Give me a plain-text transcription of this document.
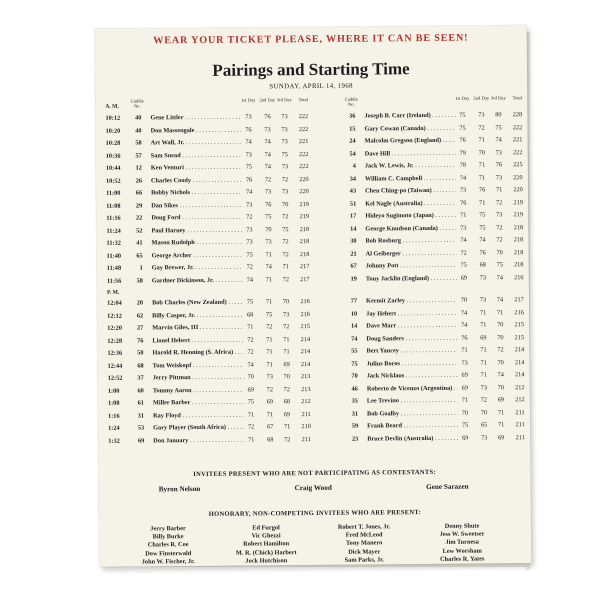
WEAR YOUR TICKET PLEASE, WHERE IT CAN BE SEEN!
Pairings and Starting Time
SUNDAY, APRIL 14, 1968
A. M.
Caddie No.
1st Day 2nd Day 3rd Day	Total
10:12	40 Gene Littler . . .	73	76	73	222
10:20	40 Don Massengale . . .	76	73	73	222
10:28	58 Art Wall, Jr. . . .	74	74	73	221
10:36	57 Sam Snead . . .	73	74	75	222
10:44	12 Ken Venturi . . .	75	74	73	222
10:52	26 Charles Coody . . .	76	72	72	220
11:00	66 Bobby Nichols . . .	74	73	73	220
11:08	29 Dan Sikes . . .	73	76	70	219
11:16	22 Doug Ford . . .	72	75	72	219
11:24	52 Paul Harney . . .	73	70	75	218
11:32	41 Mason Rudolph . . .	73	73	72	218
11:40	65 George Archer . . .	75	71	72	218
11:48	1 Gay Brewer, Jr. . . .	72	74	71	217
11:56	58 Gardner Dickinson, Jr. . . .	74	71	72	217
P. M.
12:04	20 Bob Charles (New Zealand) . . .	75	71	70	216
12:12	62 Billy Casper, Jr. . . .	68	75	73	216
12:20	27 Marvin Giles, III . . .	71	72	72	215
12:28	76 Lionel Hebert . . .	72	71	71	214
12:36	50 Harold R. Henning (S. Africa) . . .	72	71	71	214
12:44	68 Tom Weiskopf . . .	74	71	69	214
12:52	37 Jerry Pittman . . .	70	73	70	213
1:00	60 Tommy Aaron . . .	69	72	72	213
1:08	61 Miller Barber . . .	75	69	68	212
1:16	31 Ray Floyd . . .	71	71	69	211
1:24	53 Gary Player (South Africa) . . .	72	67	71	210
1:32	69 Don January . . .	71	68	72	211
Caddie No.
1st Day 2nd Day 3rd Day	Total
36 Joseph B. Carr (Ireland) . . .	75	73	80	228
15 Gary Cowan (Canada) . . .	75	72	75	222
24 Malcolm Gregson (England) . . .	76	71	74	221
54 Dave Hill . . .	79	70	73	222
4 Jack W. Lewis, Jr. . . .	78	71	76	225
34 William C. Campbell . . .	74	71	73	220
43 Chen Ching-po (Taiwan) . . .	73	76	71	220
51 Kel Nagle (Australia) . . .	76	71	72	219
17 Hideyo Sugimoto (Japan) . . .	71	75	73	219
14 George Knudson (Canada) . . .	73	75	72	218
30 Bob Rosburg . . .	74	74	72	218
21 Al Geiberger . . .	72	76	70	218
67 Johnny Pott . . .	75	68	75	218
19 Tony Jacklin (England) . . .	69	73	74	216
77 Kermit Zarley . . .	70	73	74	217
10 Jay Hebert . . .	74	71	71	216
14 Dave Marr . . .	74	71	70	215
74 Doug Sanders . . .	76	69	70	215
55 Bert Yancey . . .	71	71	72	214
75 Julius Boros . . .	73	71	70	214
70 Jack Nicklaus . . .	69	71	74	214
46 Roberto de Vicenzo (Argentina) . . .	69	73	70	212
35 Lee Trevino . . .	71	72	69	212
31 Bob Goalby . . .	70	70	71	211
59 Frank Beard . . .	75	65	71	211
23 Bruce Devlin (Australia) . . .	69	73	69	211
INVITEES PRESENT WHO ARE NOT PARTICIPATING AS CONTESTANTS:
Byron Nelson	Craig Wood	Gene Sarazen
HONORARY, NON-COMPETING INVITEES WHO ARE PRESENT:
Jerry Barber	Ed Furgol	Robert T. Jones, Jr.	Denny Shute
Billy Burke	Vic Ghezzi	Fred McLeod	Jess W. Sweetser
Charles R. Coe	Robert Hamilton	Tony Manero	Jim Turnesa
Dow Finsterwald	M. R. (Chick) Harbert	Dick Mayer	Lew Worsham
John W. Fischer, Jr.	Jock Hutchison	Sam Parks, Jr.	Charles R. Yates
